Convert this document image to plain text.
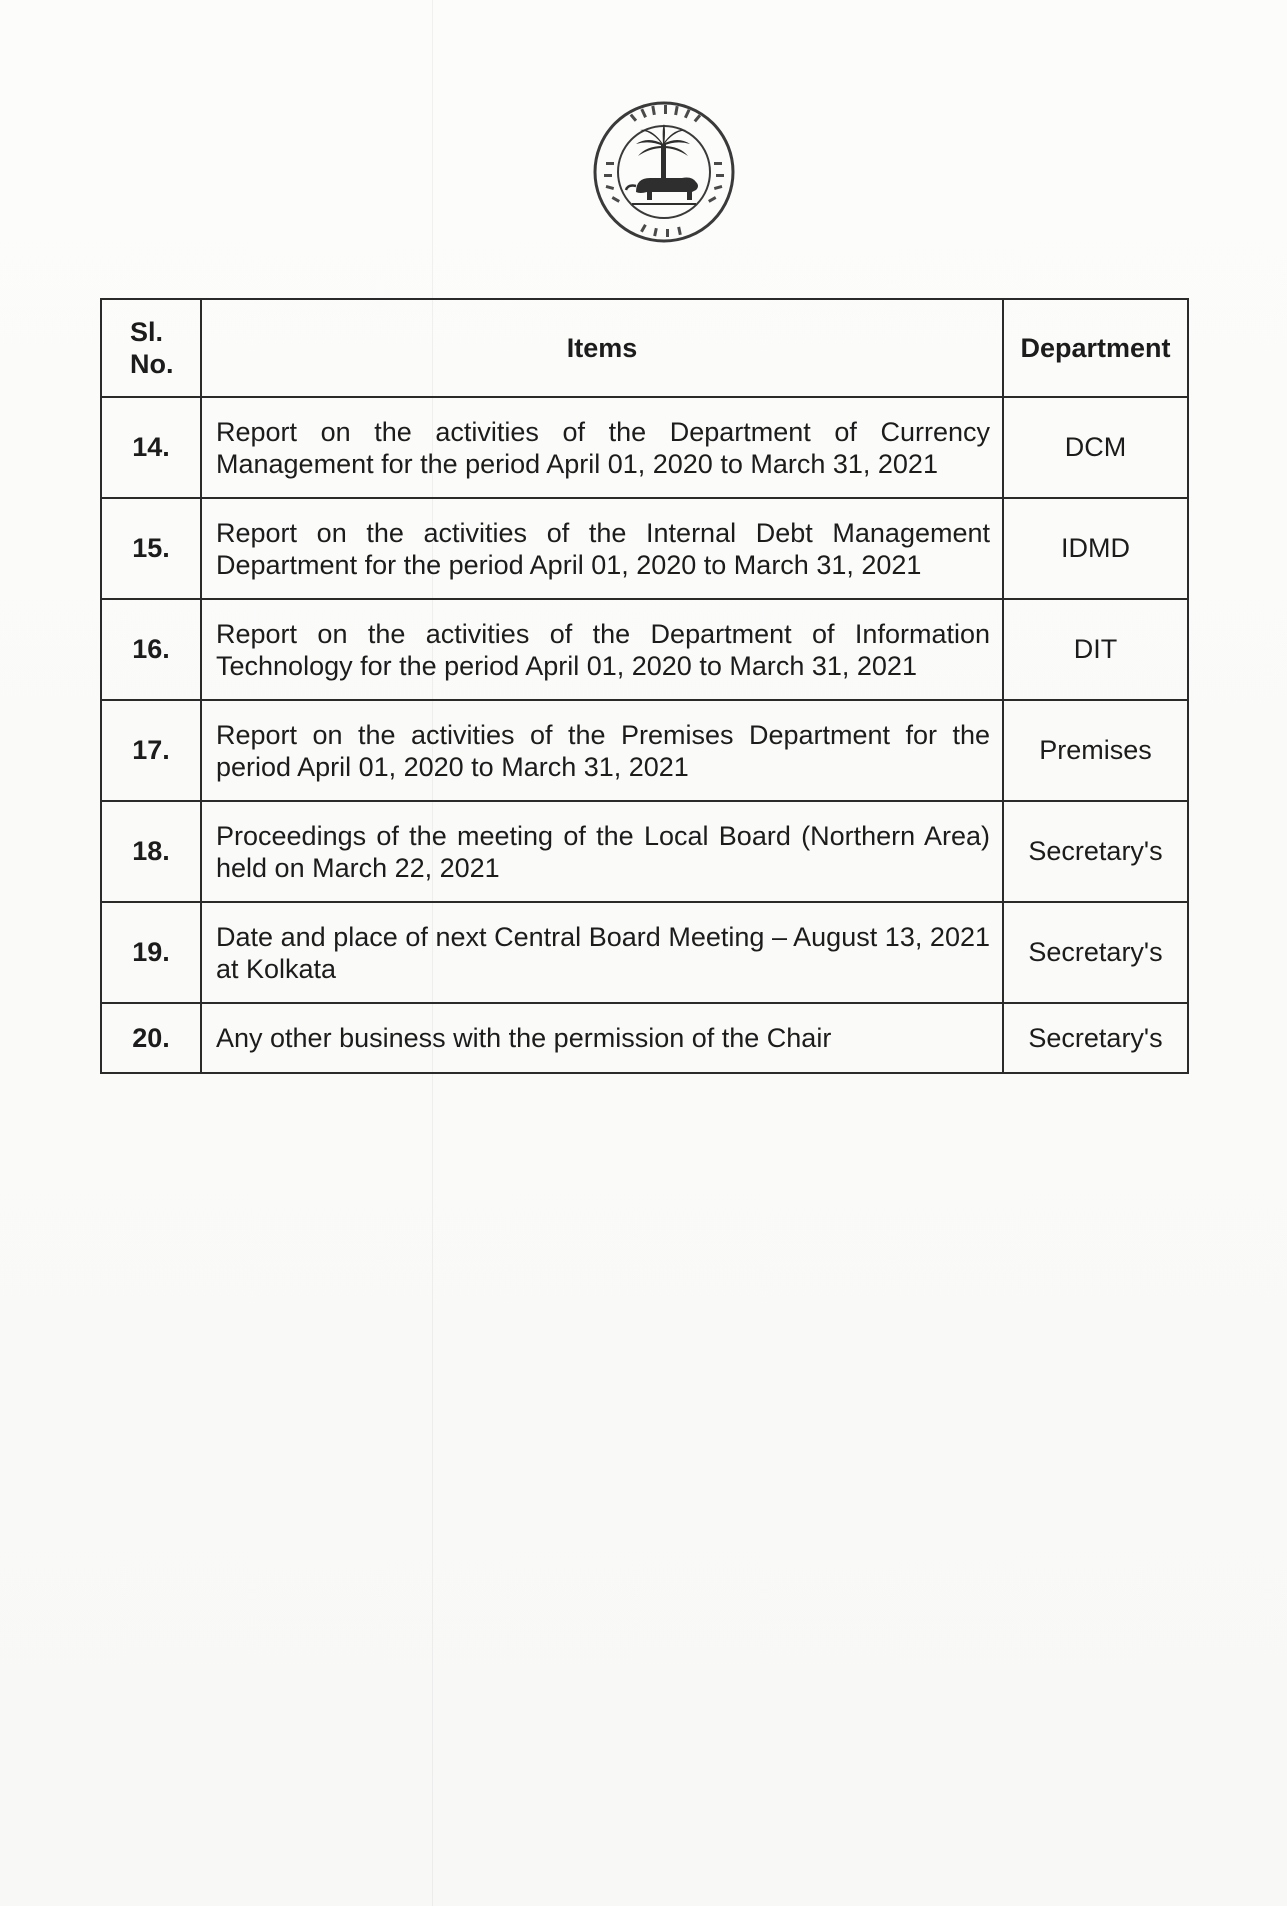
Sl. No.	Items	Department
14.	Report on the activities of the Department of Currency Management for the period April 01, 2020 to March 31, 2021	DCM
15.	Report on the activities of the Internal Debt Management Department for the period April 01, 2020 to March 31, 2021	IDMD
16.	Report on the activities of the Department of Information Technology for the period April 01, 2020 to March 31, 2021	DIT
17.	Report on the activities of the Premises Department for the period April 01, 2020 to March 31, 2021	Premises
18.	Proceedings of the meeting of the Local Board (Northern Area) held on March 22, 2021	Secretary's
19.	Date and place of next Central Board Meeting – August 13, 2021 at Kolkata	Secretary's
20.	Any other business with the permission of the Chair	Secretary's
